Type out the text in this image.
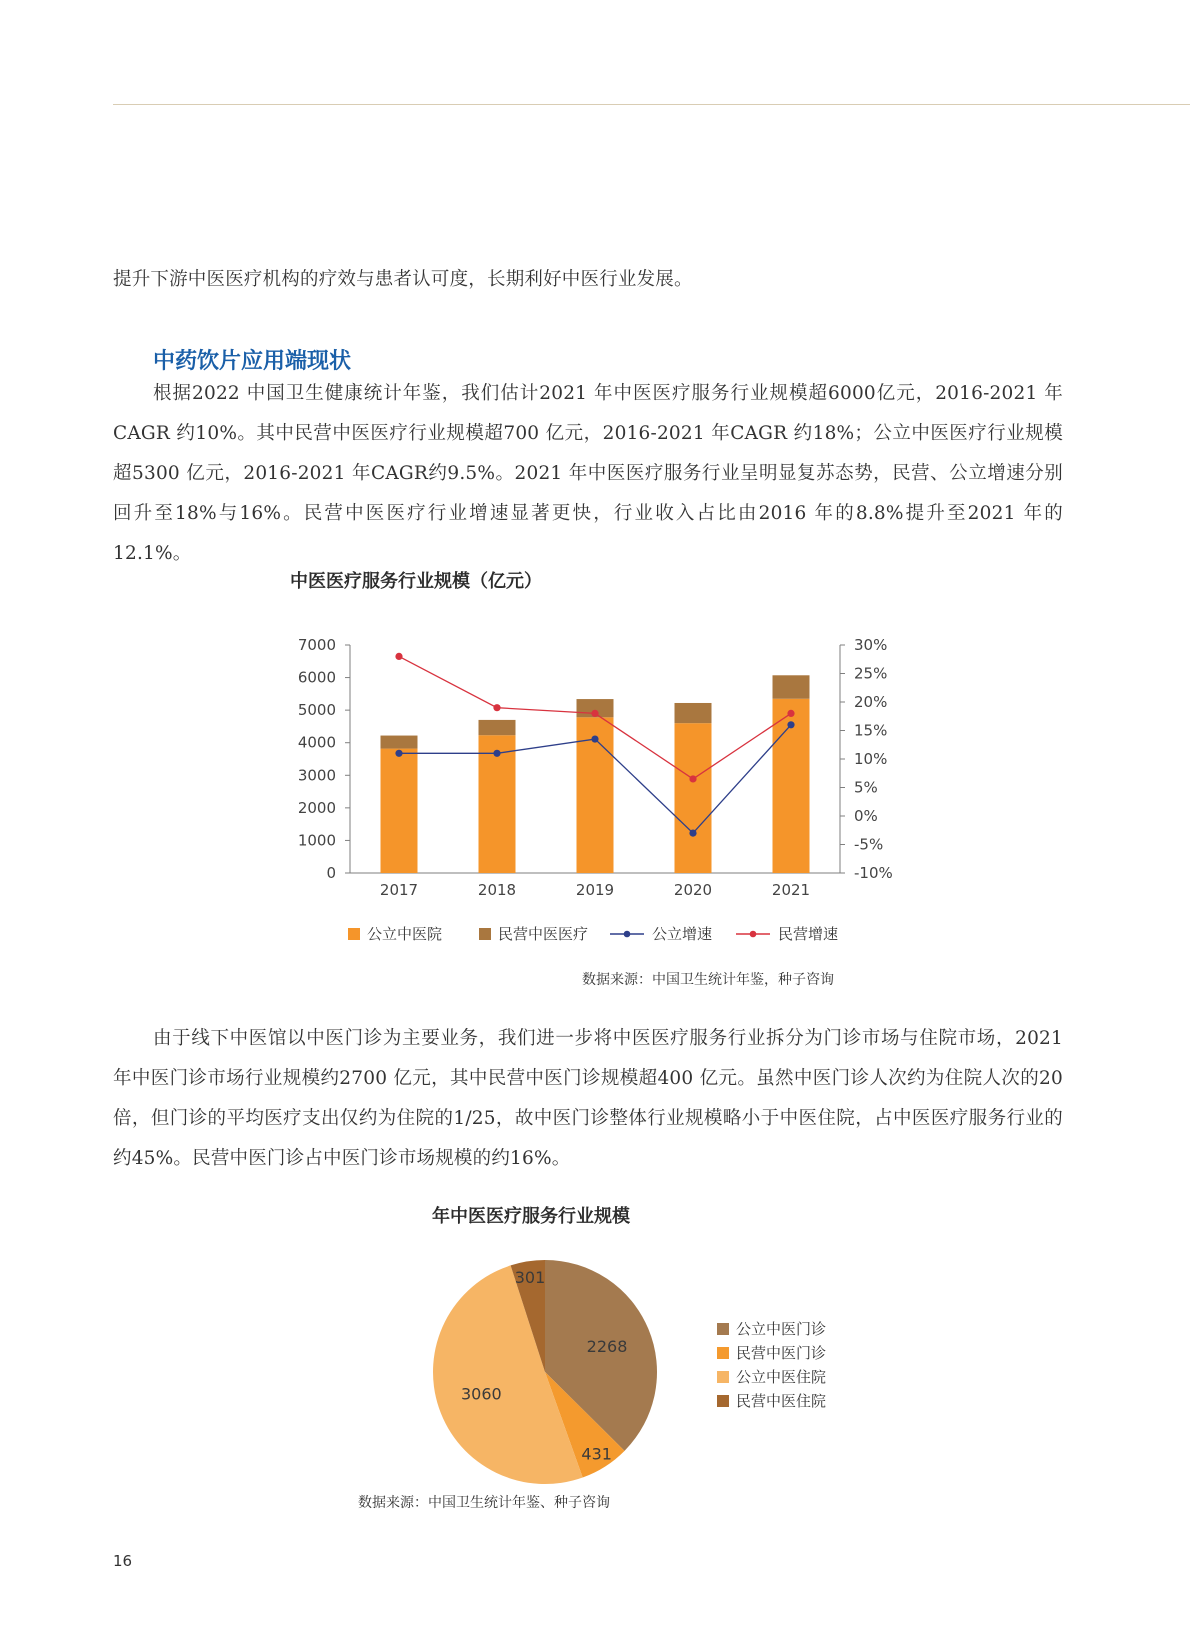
提升下游中医医疗机构的疗效与患者认可度，长期利好中医行业发展。

中药饮片应用端现状

根据2022 中国卫生健康统计年鉴，我们估计2021 年中医医疗服务行业规模超6000亿元，2016-2021 年CAGR 约10%。其中民营中医医疗行业规模超700 亿元，2016-2021 年CAGR 约18%；公立中医医疗行业规模超5300 亿元，2016-2021 年CAGR约9.5%。2021 年中医医疗服务行业呈明显复苏态势，民营、公立增速分别回升至18%与16%。民营中医医疗行业增速显著更快，行业收入占比由2016 年的8.8%提升至2021 年的12.1%。

中医医疗服务行业规模（亿元）
0
1000
2000
3000
4000
5000
6000
7000
-10%
-5%
0%
5%
10%
15%
20%
25%
30%
2017	2018	2019	2020	2021
公立中医院	民营中医医疗	公立增速	民营增速

数据来源：中国卫生统计年鉴，种子咨询

由于线下中医馆以中医门诊为主要业务，我们进一步将中医医疗服务行业拆分为门诊市场与住院市场，2021 年中医门诊市场行业规模约2700 亿元，其中民营中医门诊规模超400 亿元。虽然中医门诊人次约为住院人次的20 倍，但门诊的平均医疗支出仅约为住院的1/25，故中医门诊整体行业规模略小于中医住院，占中医医疗服务行业的约45%。民营中医门诊占中医门诊市场规模的约16%。

年中医医疗服务行业规模
2268
431
3060
301
公立中医门诊
民营中医门诊
公立中医住院
民营中医住院

数据来源：中国卫生统计年鉴、种子咨询

16
